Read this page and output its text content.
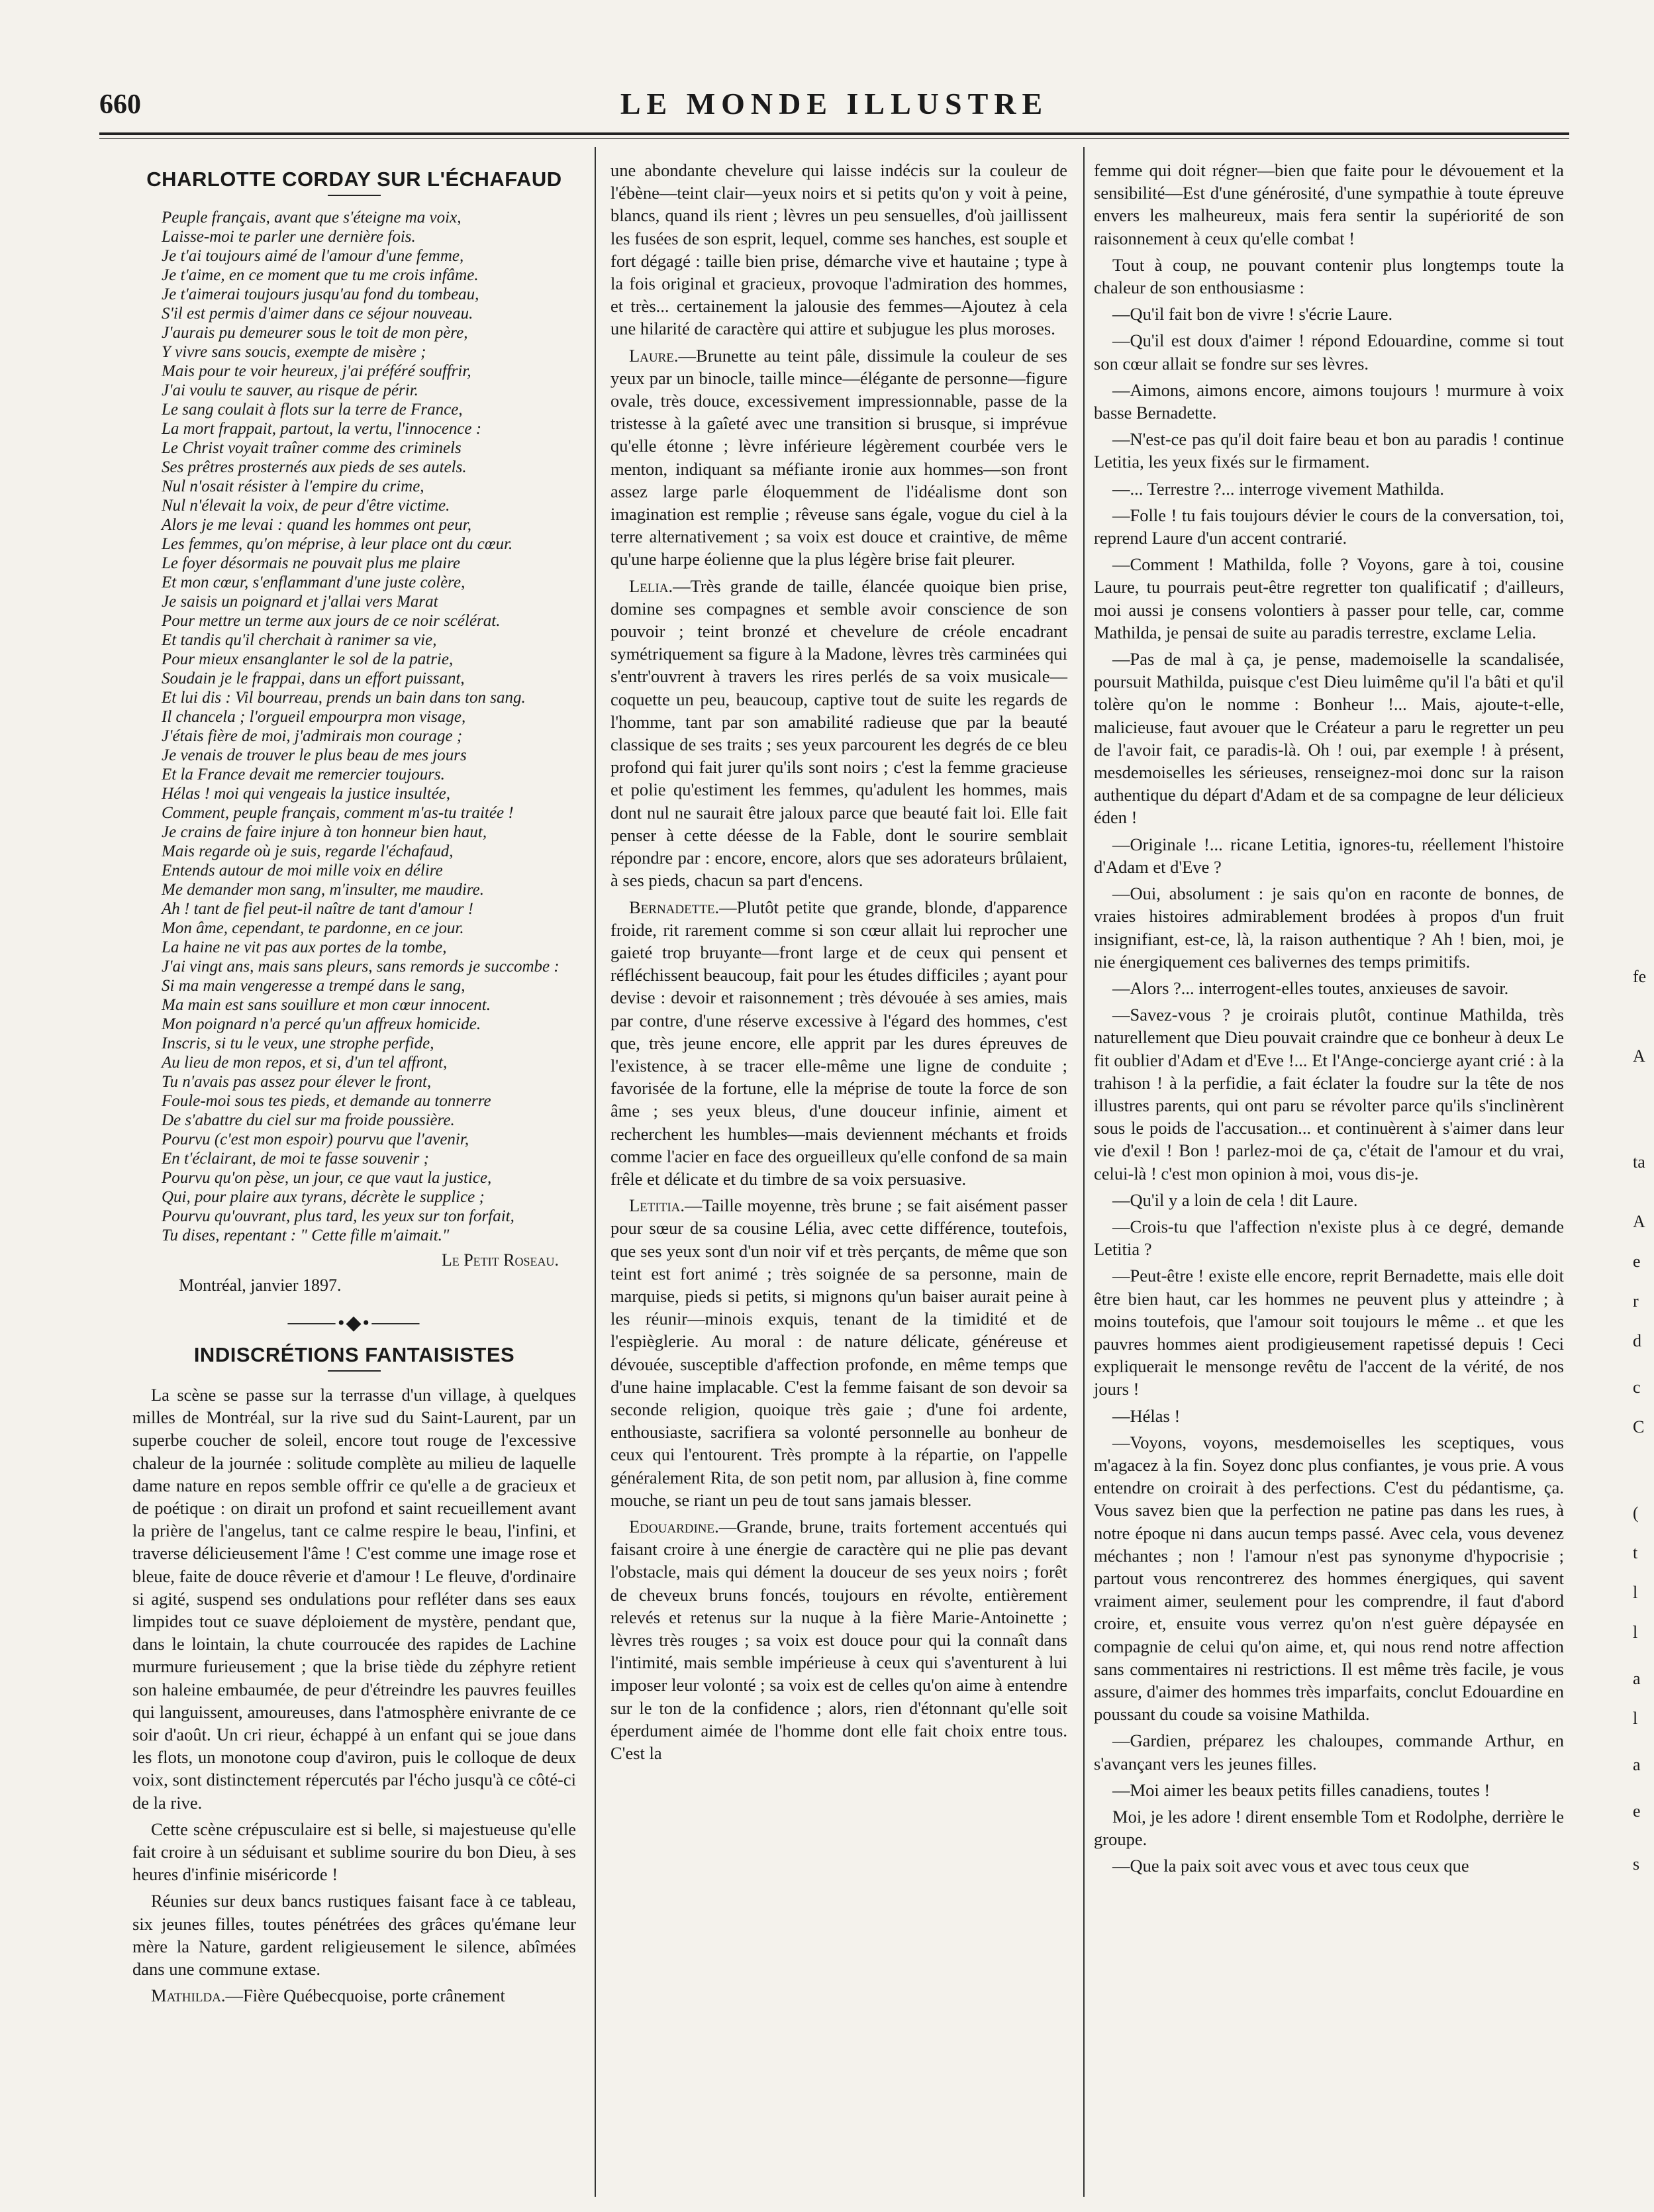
660	LE MONDE ILLUSTRE
CHARLOTTE CORDAY SUR L'ÉCHAFAUD
Peuple français, avant que s'éteigne ma voix,
Laisse-moi te parler une dernière fois.
Je t'ai toujours aimé de l'amour d'une femme,
Je t'aime, en ce moment que tu me crois infâme.
Je t'aimerai toujours jusqu'au fond du tombeau,
S'il est permis d'aimer dans ce séjour nouveau.
J'aurais pu demeurer sous le toit de mon père,
Y vivre sans soucis, exempte de misère ;
Mais pour te voir heureux, j'ai préféré souffrir,
J'ai voulu te sauver, au risque de périr.
Le sang coulait à flots sur la terre de France,
La mort frappait, partout, la vertu, l'innocence :
Le Christ voyait traîner comme des criminels
Ses prêtres prosternés aux pieds de ses autels.
Nul n'osait résister à l'empire du crime,
Nul n'élevait la voix, de peur d'être victime.
Alors je me levai : quand les hommes ont peur,
Les femmes, qu'on méprise, à leur place ont du cœur.
Le foyer désormais ne pouvait plus me plaire
Et mon cœur, s'enflammant d'une juste colère,
Je saisis un poignard et j'allai vers Marat
Pour mettre un terme aux jours de ce noir scélérat.
Et tandis qu'il cherchait à ranimer sa vie,
Pour mieux ensanglanter le sol de la patrie,
Soudain je le frappai, dans un effort puissant,
Et lui dis : Vil bourreau, prends un bain dans ton sang.
Il chancela ; l'orgueil empourpra mon visage,
J'étais fière de moi, j'admirais mon courage ;
Je venais de trouver le plus beau de mes jours
Et la France devait me remercier toujours.
Hélas ! moi qui vengeais la justice insultée,
Comment, peuple français, comment m'as-tu traitée !
Je crains de faire injure à ton honneur bien haut,
Mais regarde où je suis, regarde l'échafaud,
Entends autour de moi mille voix en délire
Me demander mon sang, m'insulter, me maudire.
Ah ! tant de fiel peut-il naître de tant d'amour !
Mon âme, cependant, te pardonne, en ce jour.
La haine ne vit pas aux portes de la tombe,
J'ai vingt ans, mais sans pleurs, sans remords je succombe :
Si ma main vengeresse a trempé dans le sang,
Ma main est sans souillure et mon cœur innocent.
Mon poignard n'a percé qu'un affreux homicide.
Inscris, si tu le veux, une strophe perfide,
Au lieu de mon repos, et si, d'un tel affront,
Tu n'avais pas assez pour élever le front,
Foule-moi sous tes pieds, et demande au tonnerre
De s'abattre du ciel sur ma froide poussière.
Pourvu (c'est mon espoir) pourvu que l'avenir,
En t'éclairant, de moi te fasse souvenir ;
Pourvu qu'on pèse, un jour, ce que vaut la justice,
Qui, pour plaire aux tyrans, décrète le supplice ;
Pourvu qu'ouvrant, plus tard, les yeux sur ton forfait,
Tu dises, repentant : " Cette fille m'aimait."
Le Petit Roseau.
Montréal, janvier 1897.
⸻•◆•⸻
INDISCRÉTIONS FANTAISISTES

La scène se passe sur la terrasse d'un village, à quelques milles de Montréal, sur la rive sud du Saint-Laurent, par un superbe coucher de soleil, encore tout rouge de l'excessive chaleur de la journée : solitude complète au milieu de laquelle dame nature en repos semble offrir ce qu'elle a de gracieux et de poétique : on dirait un profond et saint recueillement avant la prière de l'angelus, tant ce calme respire le beau, l'infini, et traverse délicieusement l'âme ! C'est comme une image rose et bleue, faite de douce rêverie et d'amour ! Le fleuve, d'ordinaire si agité, suspend ses ondulations pour refléter dans ses eaux limpides tout ce suave déploiement de mystère, pendant que, dans le lointain, la chute courroucée des rapides de Lachine murmure furieusement ; que la brise tiède du zéphyre retient son haleine embaumée, de peur d'étreindre les pauvres feuilles qui languissent, amoureuses, dans l'atmosphère enivrante de ce soir d'août. Un cri rieur, échappé à un enfant qui se joue dans les flots, un monotone coup d'aviron, puis le colloque de deux voix, sont distinctement répercutés par l'écho jusqu'à ce côté-ci de la rive.

Cette scène crépusculaire est si belle, si majestueuse qu'elle fait croire à un séduisant et sublime sourire du bon Dieu, à ses heures d'infinie miséricorde !

Réunies sur deux bancs rustiques faisant face à ce tableau, six jeunes filles, toutes pénétrées des grâces qu'émane leur mère la Nature, gardent religieusement le silence, abîmées dans une commune extase.

Mathilda.—Fière Québecquoise, porte crânement

une abondante chevelure qui laisse indécis sur la couleur de l'ébène—teint clair—yeux noirs et si petits qu'on y voit à peine, blancs, quand ils rient ; lèvres un peu sensuelles, d'où jaillissent les fusées de son esprit, lequel, comme ses hanches, est souple et fort dégagé : taille bien prise, démarche vive et hautaine ; type à la fois original et gracieux, provoque l'admiration des hommes, et très... certainement la jalousie des femmes—Ajoutez à cela une hilarité de caractère qui attire et subjugue les plus moroses.

Laure.—Brunette au teint pâle, dissimule la couleur de ses yeux par un binocle, taille mince—élégante de personne—figure ovale, très douce, excessivement impressionnable, passe de la tristesse à la gaîeté avec une transition si brusque, si imprévue qu'elle étonne ; lèvre inférieure légèrement courbée vers le menton, indiquant sa méfiante ironie aux hommes—son front assez large parle éloquemment de l'idéalisme dont son imagination est remplie ; rêveuse sans égale, vogue du ciel à la terre alternativement ; sa voix est douce et craintive, de même qu'une harpe éolienne que la plus légère brise fait pleurer.

Lelia.—Très grande de taille, élancée quoique bien prise, domine ses compagnes et semble avoir conscience de son pouvoir ; teint bronzé et chevelure de créole encadrant symétriquement sa figure à la Madone, lèvres très carminées qui s'entr'ouvrent à travers les rires perlés de sa voix musicale—coquette un peu, beaucoup, captive tout de suite les regards de l'homme, tant par son amabilité radieuse que par la beauté classique de ses traits ; ses yeux parcourent les degrés de ce bleu profond qui fait jurer qu'ils sont noirs ; c'est la femme gracieuse et polie qu'estiment les femmes, qu'adulent les hommes, mais dont nul ne saurait être jaloux parce que beauté fait loi. Elle fait penser à cette déesse de la Fable, dont le sourire semblait répondre par : encore, encore, alors que ses adorateurs brûlaient, à ses pieds, chacun sa part d'encens.

Bernadette.—Plutôt petite que grande, blonde, d'apparence froide, rit rarement comme si son cœur allait lui reprocher une gaieté trop bruyante—front large et de ceux qui pensent et réfléchissent beaucoup, fait pour les études difficiles ; ayant pour devise : devoir et raisonnement ; très dévouée à ses amies, mais par contre, d'une réserve excessive à l'égard des hommes, c'est que, très jeune encore, elle apprit par les dures épreuves de l'existence, à se tracer elle-même une ligne de conduite ; favorisée de la fortune, elle la méprise de toute la force de son âme ; ses yeux bleus, d'une douceur infinie, aiment et recherchent les humbles—mais deviennent méchants et froids comme l'acier en face des orgueilleux qu'elle confond de sa main frêle et délicate et du timbre de sa voix persuasive.

Letitia.—Taille moyenne, très brune ; se fait aisément passer pour sœur de sa cousine Lélia, avec cette différence, toutefois, que ses yeux sont d'un noir vif et très perçants, de même que son teint est fort animé ; très soignée de sa personne, main de marquise, pieds si petits, si mignons qu'un baiser aurait peine à les réunir—minois exquis, tenant de la timidité et de l'espièglerie. Au moral : de nature délicate, généreuse et dévouée, susceptible d'affection profonde, en même temps que d'une haine implacable. C'est la femme faisant de son devoir sa seconde religion, quoique très gaie ; d'une foi ardente, enthousiaste, sacrifiera sa volonté personnelle au bonheur de ceux qui l'entourent. Très prompte à la répartie, on l'appelle généralement Rita, de son petit nom, par allusion à, fine comme mouche, se riant un peu de tout sans jamais blesser.

Edouardine.—Grande, brune, traits fortement accentués qui faisant croire à une énergie de caractère qui ne plie pas devant l'obstacle, mais qui dément la douceur de ses yeux noirs ; forêt de cheveux bruns foncés, toujours en révolte, entièrement relevés et retenus sur la nuque à la fière Marie-Antoinette ; lèvres très rouges ; sa voix est douce pour qui la connaît dans l'intimité, mais semble impérieuse à ceux qui s'aventurent à lui imposer leur volonté ; sa voix est de celles qu'on aime à entendre sur le ton de la confidence ; alors, rien d'étonnant qu'elle soit éperdument aimée de l'homme dont elle fait choix entre tous. C'est la

femme qui doit régner—bien que faite pour le dévouement et la sensibilité—Est d'une générosité, d'une sympathie à toute épreuve envers les malheureux, mais fera sentir la supériorité de son raisonnement à ceux qu'elle combat !

Tout à coup, ne pouvant contenir plus longtemps toute la chaleur de son enthousiasme :

—Qu'il fait bon de vivre ! s'écrie Laure.

—Qu'il est doux d'aimer ! répond Edouardine, comme si tout son cœur allait se fondre sur ses lèvres.

—Aimons, aimons encore, aimons toujours ! murmure à voix basse Bernadette.

—N'est-ce pas qu'il doit faire beau et bon au paradis ! continue Letitia, les yeux fixés sur le firmament.

—... Terrestre ?... interroge vivement Mathilda.

—Folle ! tu fais toujours dévier le cours de la conversation, toi, reprend Laure d'un accent contrarié.

—Comment ! Mathilda, folle ? Voyons, gare à toi, cousine Laure, tu pourrais peut-être regretter ton qualificatif ; d'ailleurs, moi aussi je consens volontiers à passer pour telle, car, comme Mathilda, je pensai de suite au paradis terrestre, exclame Lelia.

—Pas de mal à ça, je pense, mademoiselle la scandalisée, poursuit Mathilda, puisque c'est Dieu luimême qu'il l'a bâti et qu'il tolère qu'on le nomme : Bonheur !... Mais, ajoute-t-elle, malicieuse, faut avouer que le Créateur a paru le regretter un peu de l'avoir fait, ce paradis-là. Oh ! oui, par exemple ! à présent, mesdemoiselles les sérieuses, renseignez-moi donc sur la raison authentique du départ d'Adam et de sa compagne de leur délicieux éden !

—Originale !... ricane Letitia, ignores-tu, réellement l'histoire d'Adam et d'Eve ?

—Oui, absolument : je sais qu'on en raconte de bonnes, de vraies histoires admirablement brodées à propos d'un fruit insignifiant, est-ce, là, la raison authentique ? Ah ! bien, moi, je nie énergiquement ces balivernes des temps primitifs.

—Alors ?... interrogent-elles toutes, anxieuses de savoir.

—Savez-vous ? je croirais plutôt, continue Mathilda, très naturellement que Dieu pouvait craindre que ce bonheur à deux Le fit oublier d'Adam et d'Eve !... Et l'Ange-concierge ayant crié : à la trahison ! à la perfidie, a fait éclater la foudre sur la tête de nos illustres parents, qui ont paru se révolter parce qu'ils s'inclinèrent sous le poids de l'accusation... et continuèrent à s'aimer dans leur vie d'exil ! Bon ! parlez-moi de ça, c'était de l'amour et du vrai, celui-là ! c'est mon opinion à moi, vous dis-je.

—Qu'il y a loin de cela ! dit Laure.

—Crois-tu que l'affection n'existe plus à ce degré, demande Letitia ?

—Peut-être ! existe elle encore, reprit Bernadette, mais elle doit être bien haut, car les hommes ne peuvent plus y atteindre ; à moins toutefois, que l'amour soit toujours le même .. et que les pauvres hommes aient prodigieusement rapetissé depuis ! Ceci expliquerait le mensonge revêtu de l'accent de la vérité, de nos jours !

—Hélas !

—Voyons, voyons, mesdemoiselles les sceptiques, vous m'agacez à la fin. Soyez donc plus confiantes, je vous prie. A vous entendre on croirait à des perfections. C'est du pédantisme, ça. Vous savez bien que la perfection ne patine pas dans les rues, à notre époque ni dans aucun temps passé. Avec cela, vous devenez méchantes ; non ! l'amour n'est pas synonyme d'hypocrisie ; partout vous rencontrerez des hommes énergiques, qui savent vraiment aimer, seulement pour les comprendre, il faut d'abord croire, et, ensuite vous verrez qu'on n'est guère dépaysée en compagnie de celui qu'on aime, et, qui nous rend notre affection sans commentaires ni restrictions. Il est même très facile, je vous assure, d'aimer des hommes très imparfaits, conclut Edouardine en poussant du coude sa voisine Mathilda.

—Gardien, préparez les chaloupes, commande Arthur, en s'avançant vers les jeunes filles.

—Moi aimer les beaux petits filles canadiens, toutes !

Moi, je les adore ! dirent ensemble Tom et Rodolphe, derrière le groupe.

—Que la paix soit avec vous et avec tous ceux que

fe
A
ta
A
e
r
d
c
C
(
t
l
l
a
l
a
e
s
